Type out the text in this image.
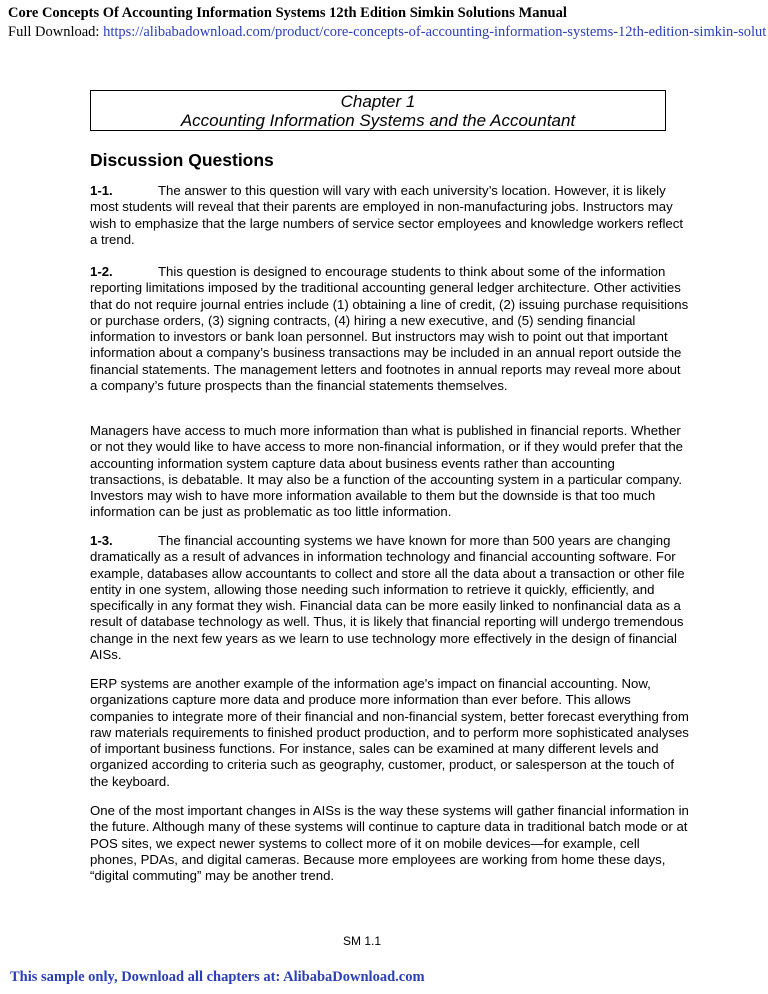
Core Concepts Of Accounting Information Systems 12th Edition Simkin Solutions Manual
Full Download: https://alibabadownload.com/product/core-concepts-of-accounting-information-systems-12th-edition-simkin-solut
Chapter 1
Accounting Information Systems and the Accountant
Discussion Questions

1-1.	The answer to this question will vary with each university’s location. However, it is likely most students will reveal that their parents are employed in non-manufacturing jobs. Instructors may wish to emphasize that the large numbers of service sector employees and knowledge workers reflect a trend.

1-2.	This question is designed to encourage students to think about some of the information reporting limitations imposed by the traditional accounting general ledger architecture. Other activities that do not require journal entries include (1) obtaining a line of credit, (2) issuing purchase requisitions or purchase orders, (3) signing contracts, (4) hiring a new executive, and (5) sending financial information to investors or bank loan personnel. But instructors may wish to point out that important information about a company’s business transactions may be included in an annual report outside the financial statements. The management letters and footnotes in annual reports may reveal more about a company’s future prospects than the financial statements themselves.

Managers have access to much more information than what is published in financial reports. Whether or not they would like to have access to more non-financial information, or if they would prefer that the accounting information system capture data about business events rather than accounting transactions, is debatable. It may also be a function of the accounting system in a particular company. Investors may wish to have more information available to them but the downside is that too much information can be just as problematic as too little information.

1-3.	The financial accounting systems we have known for more than 500 years are changing dramatically as a result of advances in information technology and financial accounting software. For example, databases allow accountants to collect and store all the data about a transaction or other file entity in one system, allowing those needing such information to retrieve it quickly, efficiently, and specifically in any format they wish. Financial data can be more easily linked to nonfinancial data as a result of database technology as well. Thus, it is likely that financial reporting will undergo tremendous change in the next few years as we learn to use technology more effectively in the design of financial AISs.

ERP systems are another example of the information age's impact on financial accounting. Now, organizations capture more data and produce more information than ever before. This allows companies to integrate more of their financial and non-financial system, better forecast everything from raw materials requirements to finished product production, and to perform more sophisticated analyses of important business functions. For instance, sales can be examined at many different levels and organized according to criteria such as geography, customer, product, or salesperson at the touch of the keyboard.

One of the most important changes in AISs is the way these systems will gather financial information in the future. Although many of these systems will continue to capture data in traditional batch mode or at POS sites, we expect newer systems to collect more of it on mobile devices—for example, cell phones, PDAs, and digital cameras. Because more employees are working from home these days, “digital commuting” may be another trend.

SM 1.1
This sample only, Download all chapters at: AlibabaDownload.com
